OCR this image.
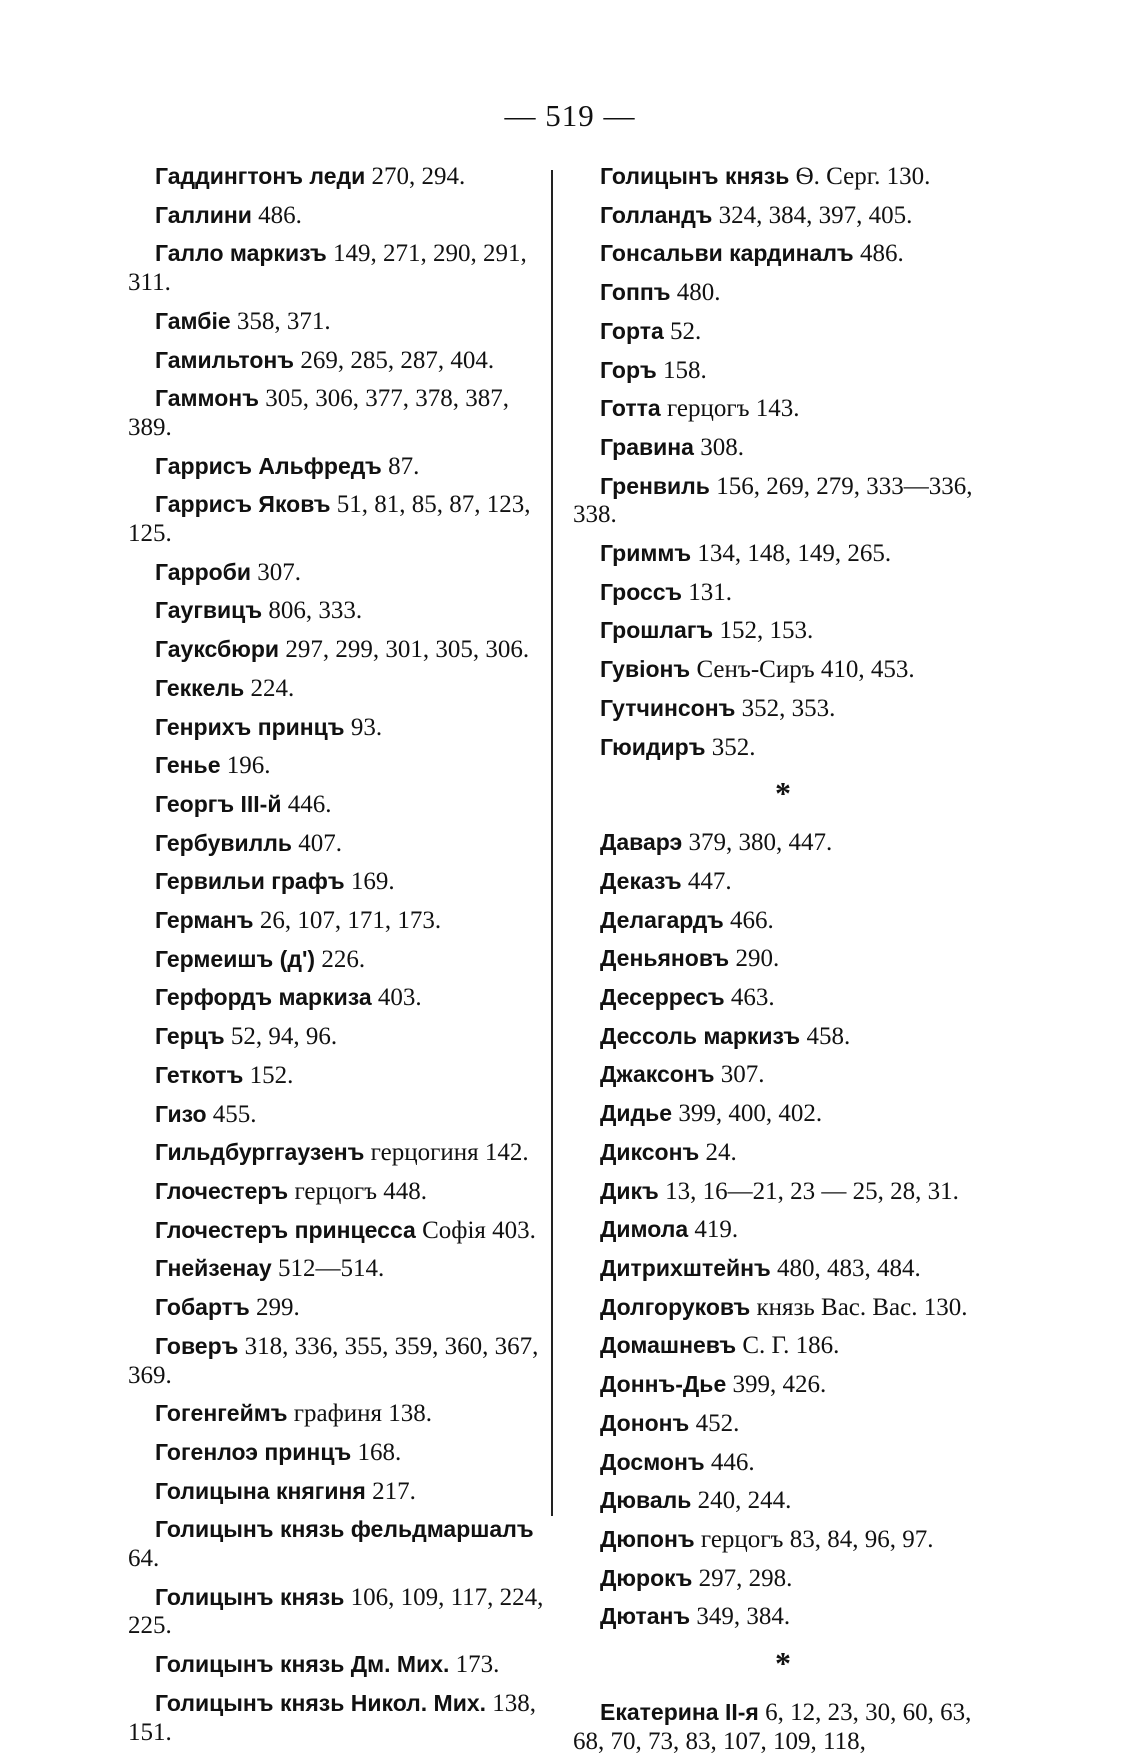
— 519 —

Гаддингтонъ леди 270, 294.

Галлини 486.

Галло маркизъ 149, 271, 290, 291, 311.

Гамбіе 358, 371.

Гамильтонъ 269, 285, 287, 404.

Гаммонъ 305, 306, 377, 378, 387, 389.

Гаррисъ Альфредъ 87.

Гаррисъ Яковъ 51, 81, 85, 87, 123, 125.

Гарроби 307.

Гаугвицъ 806, 333.

Гауксбюри 297, 299, 301, 305, 306.

Геккель 224.

Генрихъ принцъ 93.

Генье 196.

Георгъ III-й 446.

Гербувилль 407.

Гервильи графъ 169.

Германъ 26, 107, 171, 173.

Гермеишъ (д') 226.

Герфордъ маркиза 403.

Герцъ 52, 94, 96.

Геткотъ 152.

Гизо 455.

Гильдбурггаузенъ герцогиня 142.

Глочестеръ герцогъ 448.

Глочестеръ принцесса Софія 403.

Гнейзенау 512—514.

Гобартъ 299.

Говеръ 318, 336, 355, 359, 360, 367, 369.

Гогенгеймъ графиня 138.

Гогенлоэ принцъ 168.

Голицына княгиня 217.

Голицынъ князь фельдмаршалъ 64.

Голицынъ князь 106, 109, 117, 224, 225.

Голицынъ князь Дм. Мих. 173.

Голицынъ князь Никол. Мих. 138, 151.

Голицынъ князь Ѳ. Серг. 130.

Голландъ 324, 384, 397, 405.

Гонсальви кардиналъ 486.

Гоппъ 480.

Горта 52.

Горъ 158.

Готта герцогъ 143.

Гравина 308.

Гренвиль 156, 269, 279, 333—336, 338.

Гриммъ 134, 148, 149, 265.

Гроссъ 131.

Грошлагъ 152, 153.

Гувіонъ Сенъ-Сиръ 410, 453.

Гутчинсонъ 352, 353.

Гюидиръ 352.

*

Даварэ 379, 380, 447.

Деказъ 447.

Делагардъ 466.

Деньяновъ 290.

Десерресъ 463.

Дессоль маркизъ 458.

Джаксонъ 307.

Дидье 399, 400, 402.

Диксонъ 24.

Дикъ 13, 16—21, 23 — 25, 28, 31.

Димола 419.

Дитрихштейнъ 480, 483, 484.

Долгоруковъ князь Вас. Вас. 130.

Домашневъ С. Г. 186.

Доннъ-Дье 399, 426.

Дононъ 452.

Досмонъ 446.

Дюваль 240, 244.

Дюпонъ герцогъ 83, 84, 96, 97.

Дюрокъ 297, 298.

Дютанъ 349, 384.

*

Екатерина II-я 6, 12, 23, 30, 60, 63, 68, 70, 73, 83, 107, 109, 118,
